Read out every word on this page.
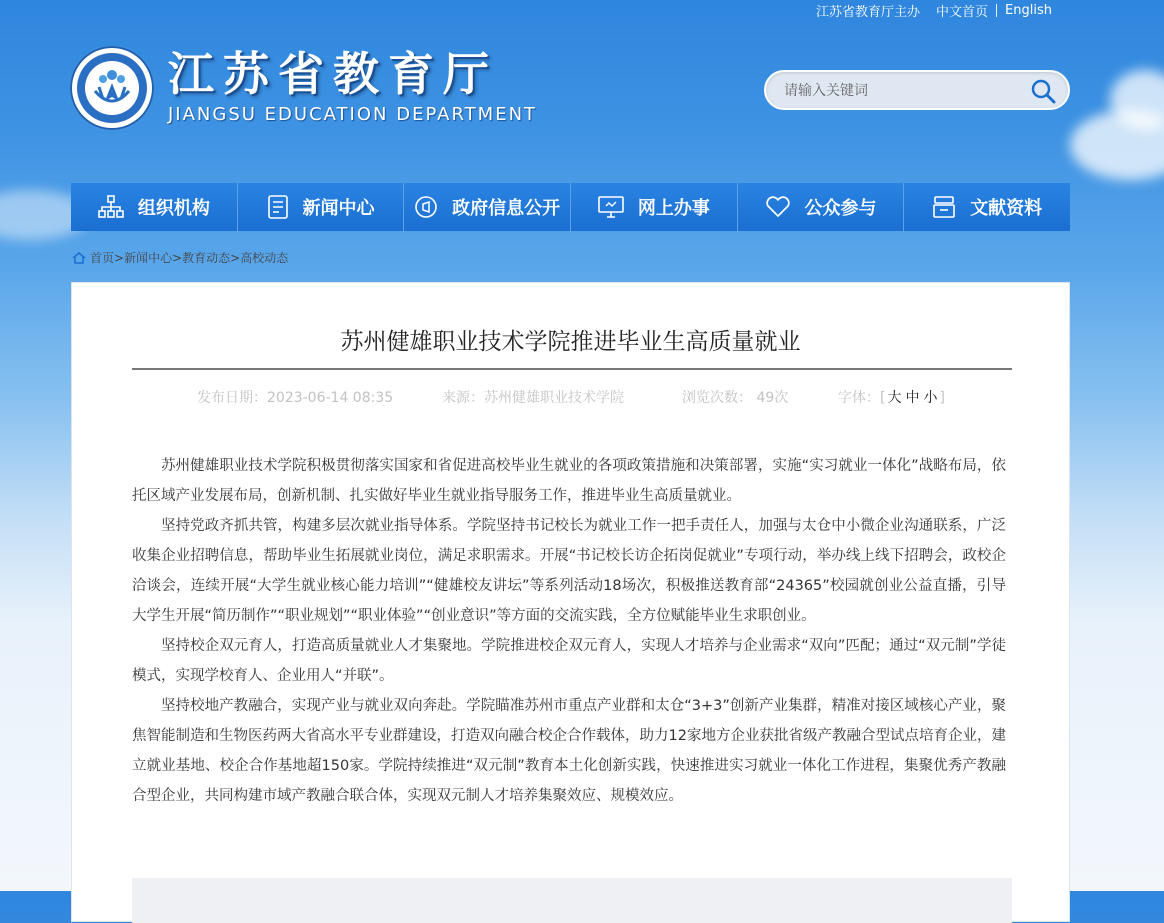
江苏省教育厅主办	中文首页	English
江苏省教育厅
JIANGSU EDUCATION DEPARTMENT
请输入关键词
组织机构	新闻中心	政府信息公开	网上办事	公众参与	文献资料
首页> 新闻中心> 教育动态> 高校动态
苏州健雄职业技术学院推进毕业生高质量就业
发布日期：2023-06-14 08:35	来源：苏州健雄职业技术学院	浏览次数： 49次	字体：[ 大 中 小 ]

苏州健雄职业技术学院积极贯彻落实国家和省促进高校毕业生就业的各项政策措施和决策部署，实施“实习就业一体化”战略布局，依托区域产业发展布局，创新机制、扎实做好毕业生就业指导服务工作，推进毕业生高质量就业。

坚持党政齐抓共管，构建多层次就业指导体系。学院坚持书记校长为就业工作一把手责任人，加强与太仓中小微企业沟通联系，广泛收集企业招聘信息，帮助毕业生拓展就业岗位，满足求职需求。开展“书记校长访企拓岗促就业”专项行动，举办线上线下招聘会，政校企洽谈会，连续开展“大学生就业核心能力培训”“健雄校友讲坛”等系列活动18场次，积极推送教育部“24365”校园就创业公益直播，引导大学生开展“简历制作”“职业规划”“职业体验”“创业意识”等方面的交流实践，全方位赋能毕业生求职创业。

坚持校企双元育人，打造高质量就业人才集聚地。学院推进校企双元育人，实现人才培养与企业需求“双向”匹配；通过“双元制”学徒模式，实现学校育人、企业用人“并联”。

坚持校地产教融合，实现产业与就业双向奔赴。学院瞄准苏州市重点产业群和太仓“3+3”创新产业集群，精准对接区域核心产业，聚焦智能制造和生物医药两大省高水平专业群建设，打造双向融合校企合作载体，助力12家地方企业获批省级产教融合型试点培育企业，建立就业基地、校企合作基地超150家。学院持续推进“双元制”教育本土化创新实践，快速推进实习就业一体化工作进程，集聚优秀产教融合型企业，共同构建市域产教融合联合体，实现双元制人才培养集聚效应、规模效应。
